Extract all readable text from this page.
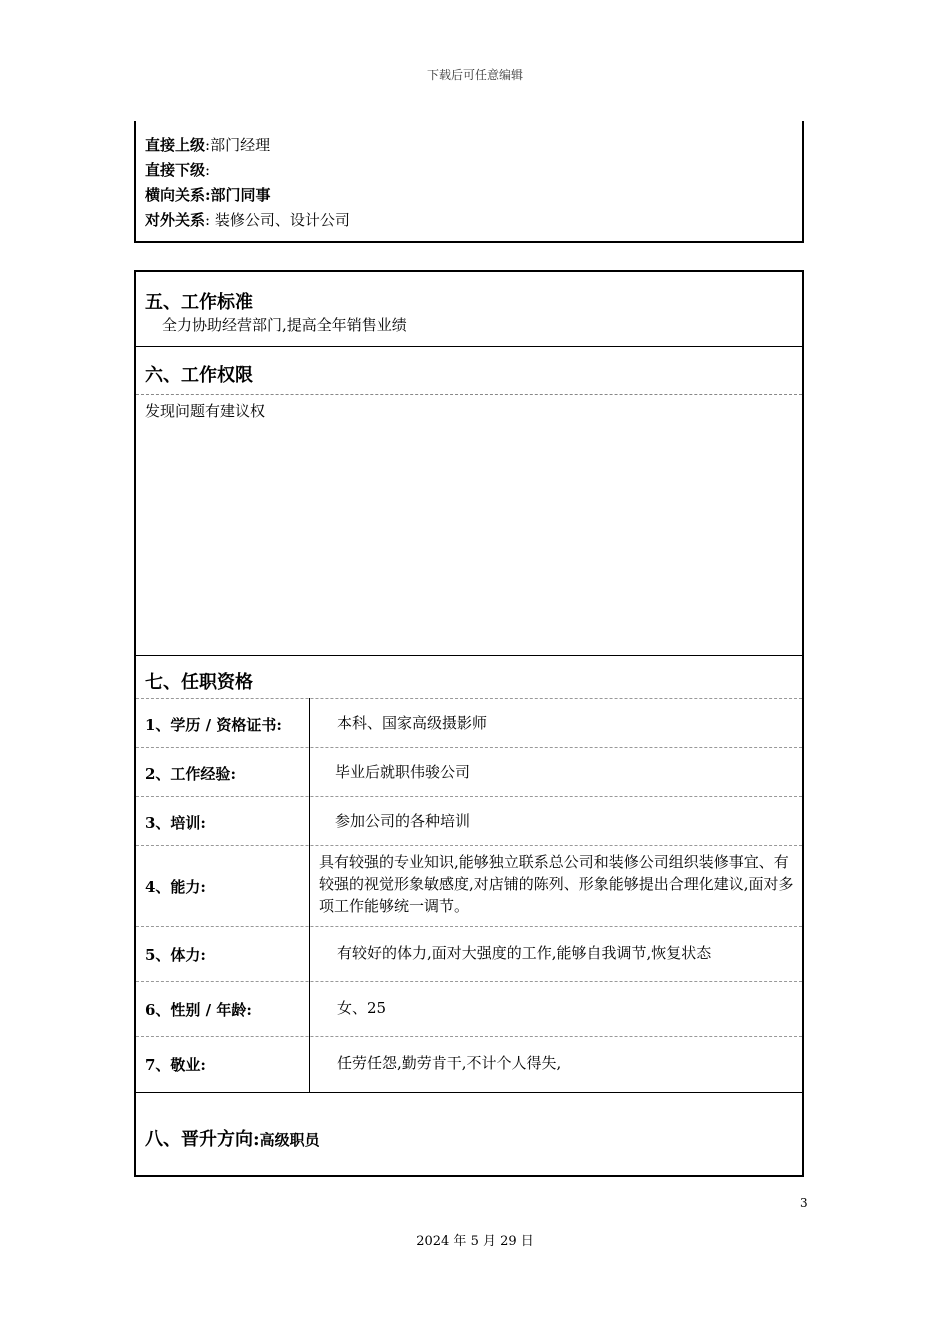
下载后可任意编辑
直接上级:部门经理
直接下级:
横向关系:部门同事
对外关系: 装修公司、设计公司
五、工作标准
全力协助经营部门,提高全年销售业绩
六、工作权限
发现问题有建议权
七、任职资格
1、学历 / 资格证书:	本科、国家高级摄影师
2、工作经验:	毕业后就职伟骏公司
3、培训:	参加公司的各种培训
4、能力:
具有较强的专业知识,能够独立联系总公司和装修公司组织装修事宜、有较强的视觉形象敏感度,对店铺的陈列、形象能够提出合理化建议,面对多项工作能够统一调节。
5、体力:	有较好的体力,面对大强度的工作,能够自我调节,恢复状态
6、性别 / 年龄:	女、25
7、敬业:	任劳任怨,勤劳肯干,不计个人得失,
八、晋升方向:高级职员
3
2024 年 5 月 29 日
